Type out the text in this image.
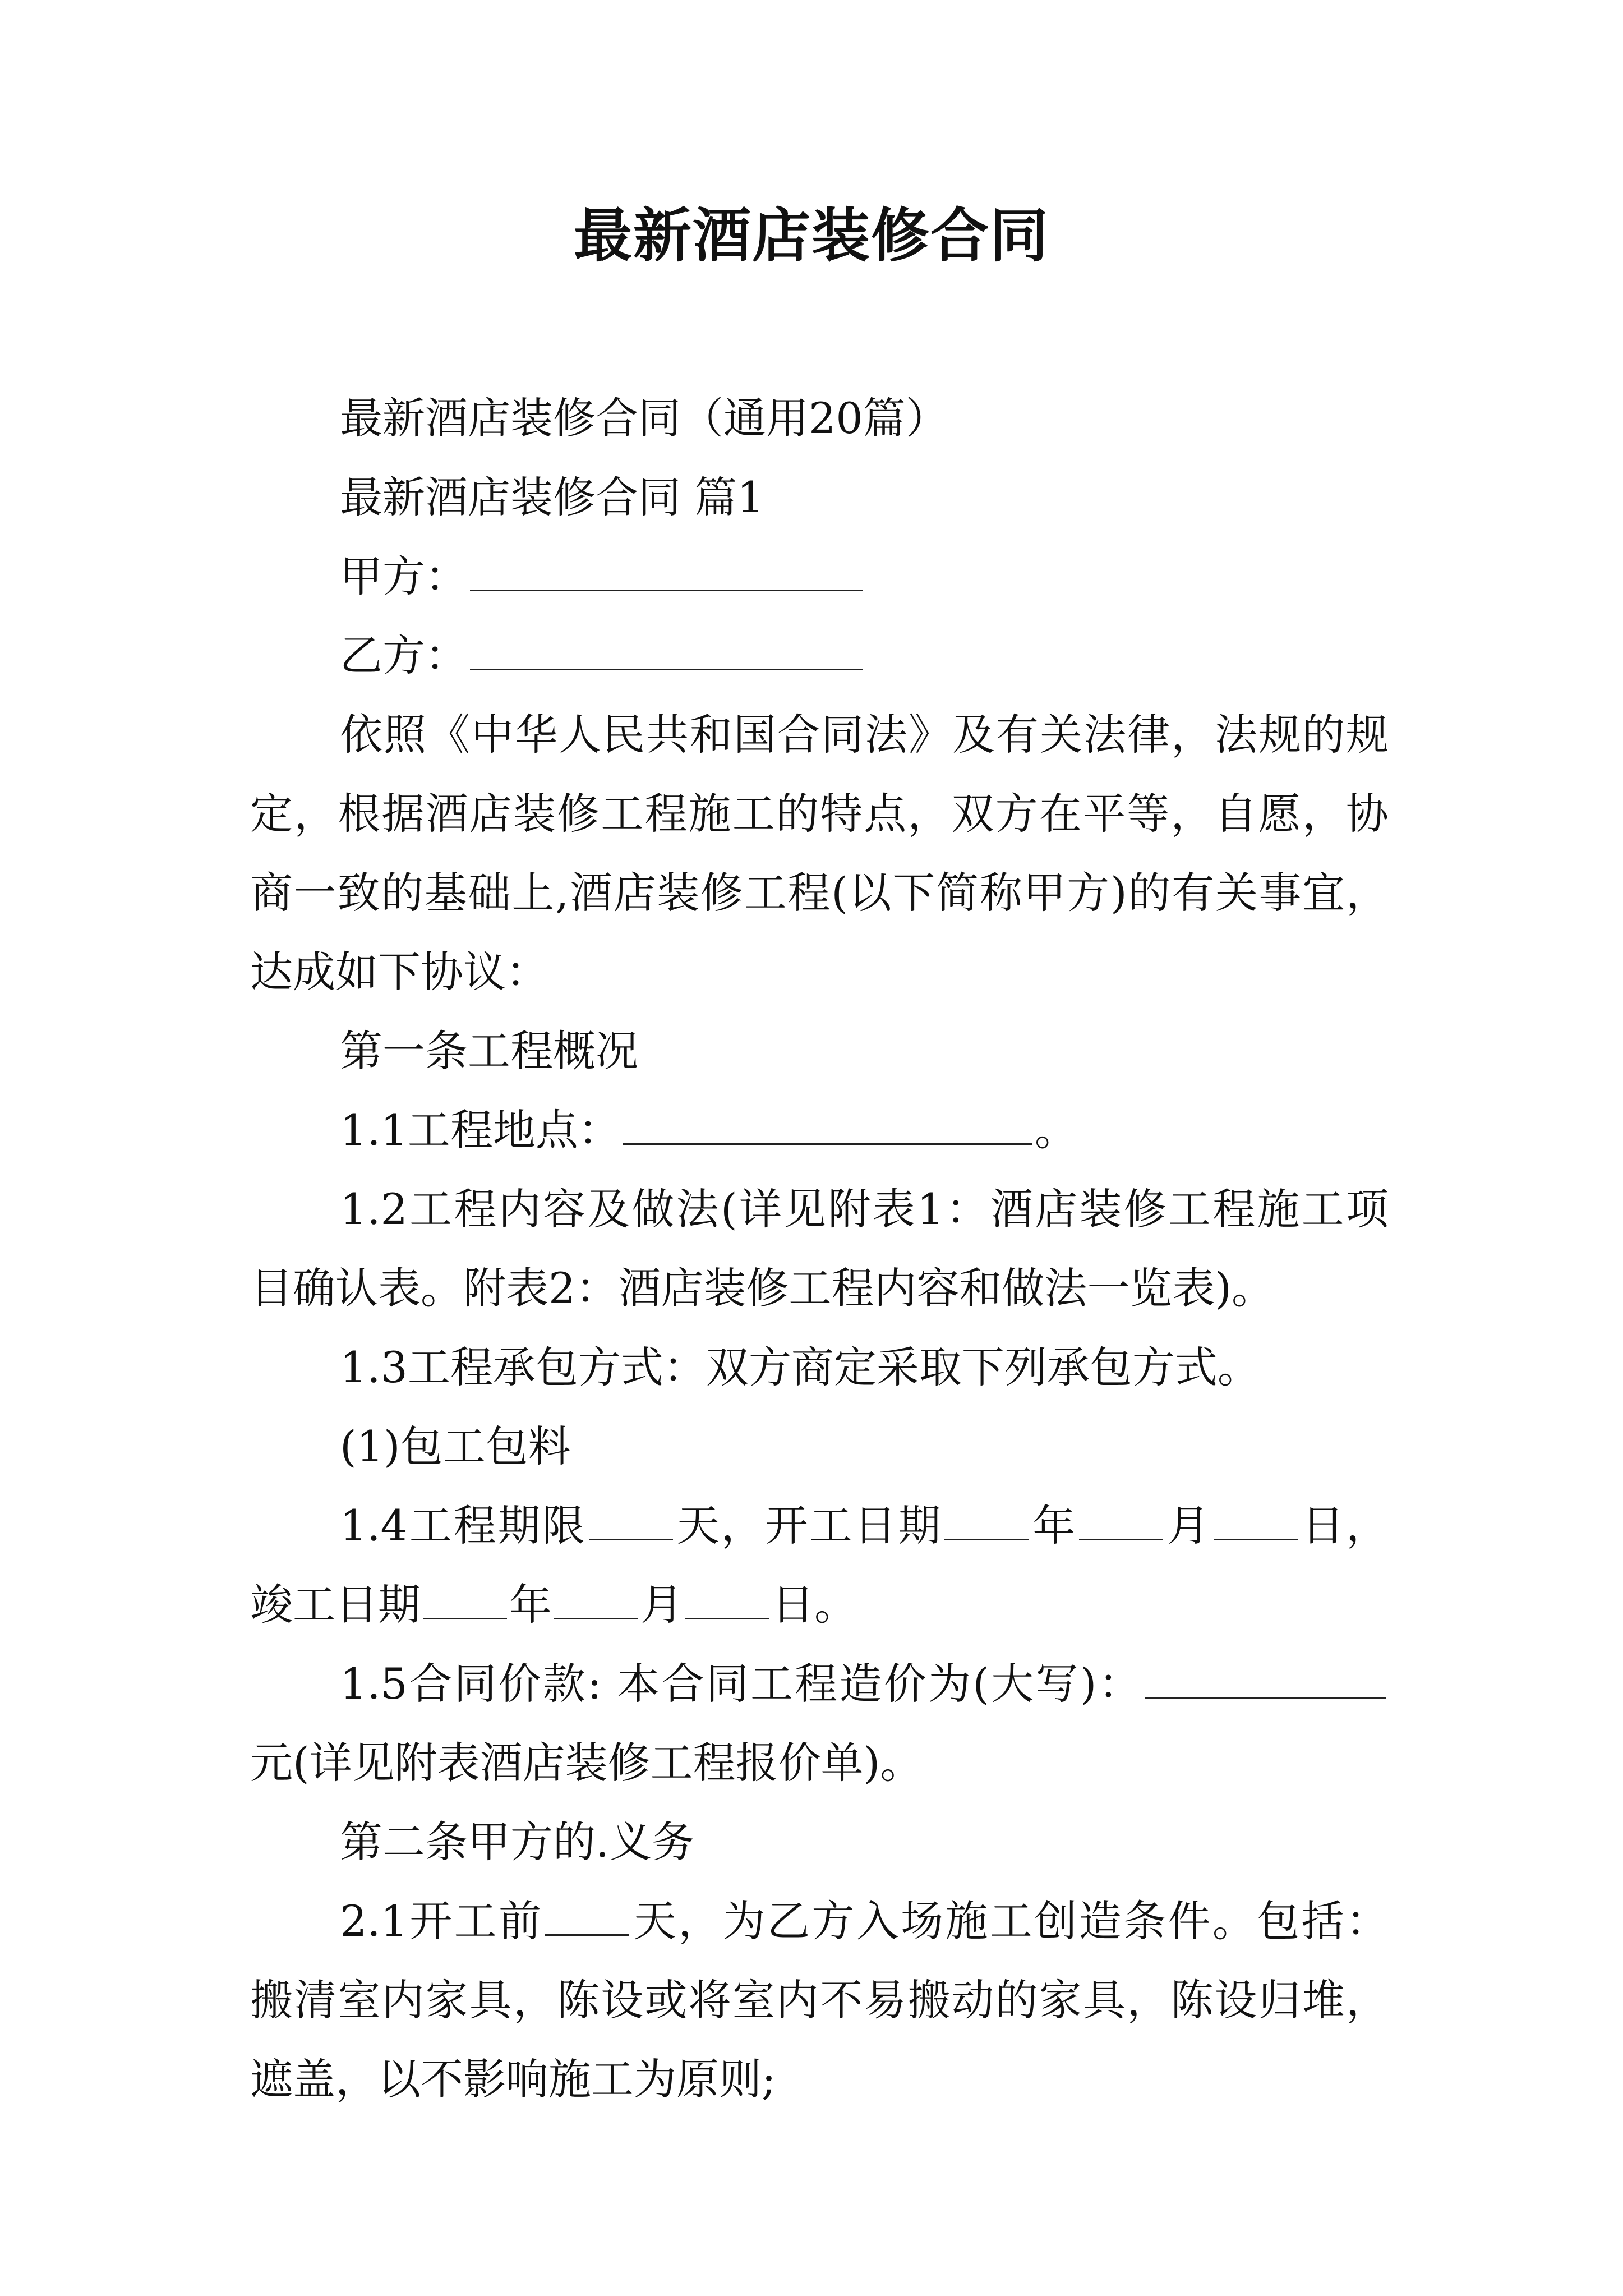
最新酒店装修合同

最新酒店装修合同（通用20篇）

最新酒店装修合同 篇1

甲方：

乙方：

依照《中华人民共和国合同法》及有关法律，法规的规定，根据酒店装修工程施工的特点，双方在平等，自愿，协商一致的基础上,酒店装修工程(以下简称甲方)的有关事宜，达成如下协议：

第一条工程概况

1.1工程地点：	。

1.2工程内容及做法(详见附表1：酒店装修工程施工项目确认表。附表2：酒店装修工程内容和做法一览表)。

1.3工程承包方式：双方商定采取下列承包方式。

(1)包工包料

1.4工程期限 天，开工日期 年 月 日，竣工日期 年 月 日。

1.5合同价款: 本合同工程造价为(大写)：元(详见附表酒店装修工程报价单)。

第二条甲方的.义务

2.1开工前 天，为乙方入场施工创造条件。包括：搬清室内家具，陈设或将室内不易搬动的家具，陈设归堆，遮盖，以不影响施工为原则;
